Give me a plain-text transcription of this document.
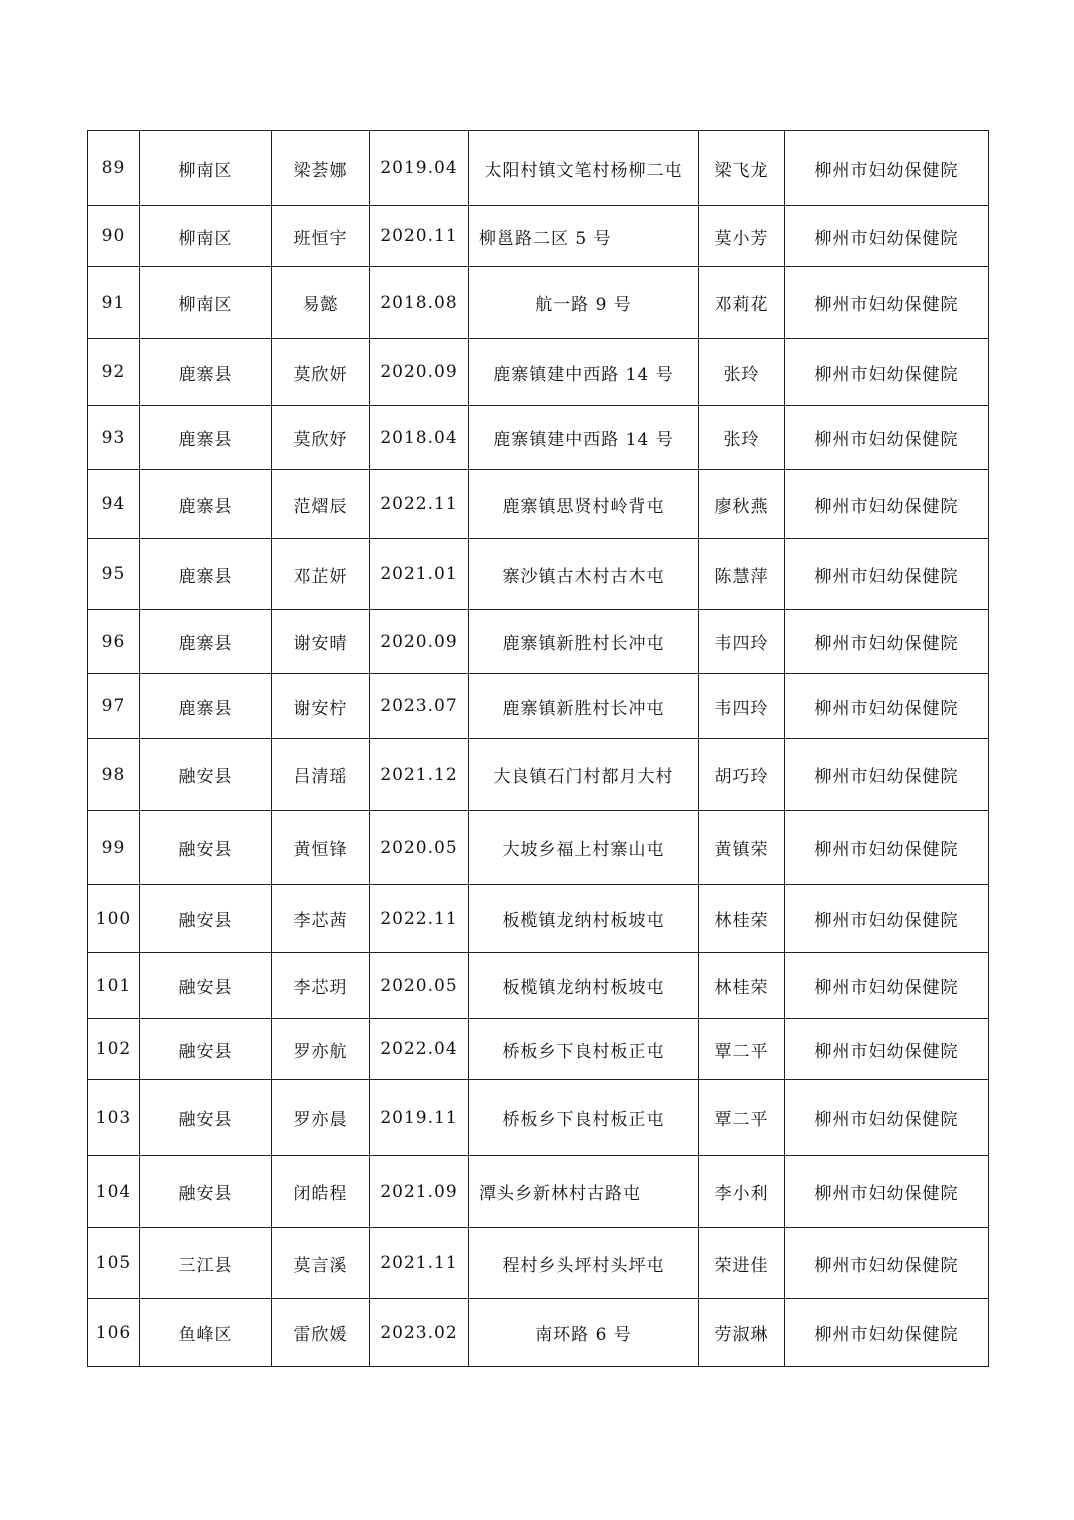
89	柳南区	梁荟娜	2019.04	太阳村镇文笔村杨柳二屯	梁飞龙	柳州市妇幼保健院
90	柳南区	班恒宇	2020.11	柳邕路二区 5 号	莫小芳	柳州市妇幼保健院
91	柳南区	易懿	2018.08	航一路 9 号	邓莉花	柳州市妇幼保健院
92	鹿寨县	莫欣妍	2020.09	鹿寨镇建中西路 14 号	张玲	柳州市妇幼保健院
93	鹿寨县	莫欣妤	2018.04	鹿寨镇建中西路 14 号	张玲	柳州市妇幼保健院
94	鹿寨县	范熠辰	2022.11	鹿寨镇思贤村岭背屯	廖秋燕	柳州市妇幼保健院
95	鹿寨县	邓芷妍	2021.01	寨沙镇古木村古木屯	陈慧萍	柳州市妇幼保健院
96	鹿寨县	谢安晴	2020.09	鹿寨镇新胜村长冲屯	韦四玲	柳州市妇幼保健院
97	鹿寨县	谢安柠	2023.07	鹿寨镇新胜村长冲屯	韦四玲	柳州市妇幼保健院
98	融安县	吕清瑶	2021.12	大良镇石门村都月大村	胡巧玲	柳州市妇幼保健院
99	融安县	黄恒锋	2020.05	大坡乡福上村寨山屯	黄镇荣	柳州市妇幼保健院
100	融安县	李芯茜	2022.11	板榄镇龙纳村板坡屯	林桂荣	柳州市妇幼保健院
101	融安县	李芯玥	2020.05	板榄镇龙纳村板坡屯	林桂荣	柳州市妇幼保健院
102	融安县	罗亦航	2022.04	桥板乡下良村板正屯	覃二平	柳州市妇幼保健院
103	融安县	罗亦晨	2019.11	桥板乡下良村板正屯	覃二平	柳州市妇幼保健院
104	融安县	闭皓程	2021.09	潭头乡新林村古路屯	李小利	柳州市妇幼保健院
105	三江县	莫言溪	2021.11	程村乡头坪村头坪屯	荣进佳	柳州市妇幼保健院
106	鱼峰区	雷欣媛	2023.02	南环路 6 号	劳淑琳	柳州市妇幼保健院
